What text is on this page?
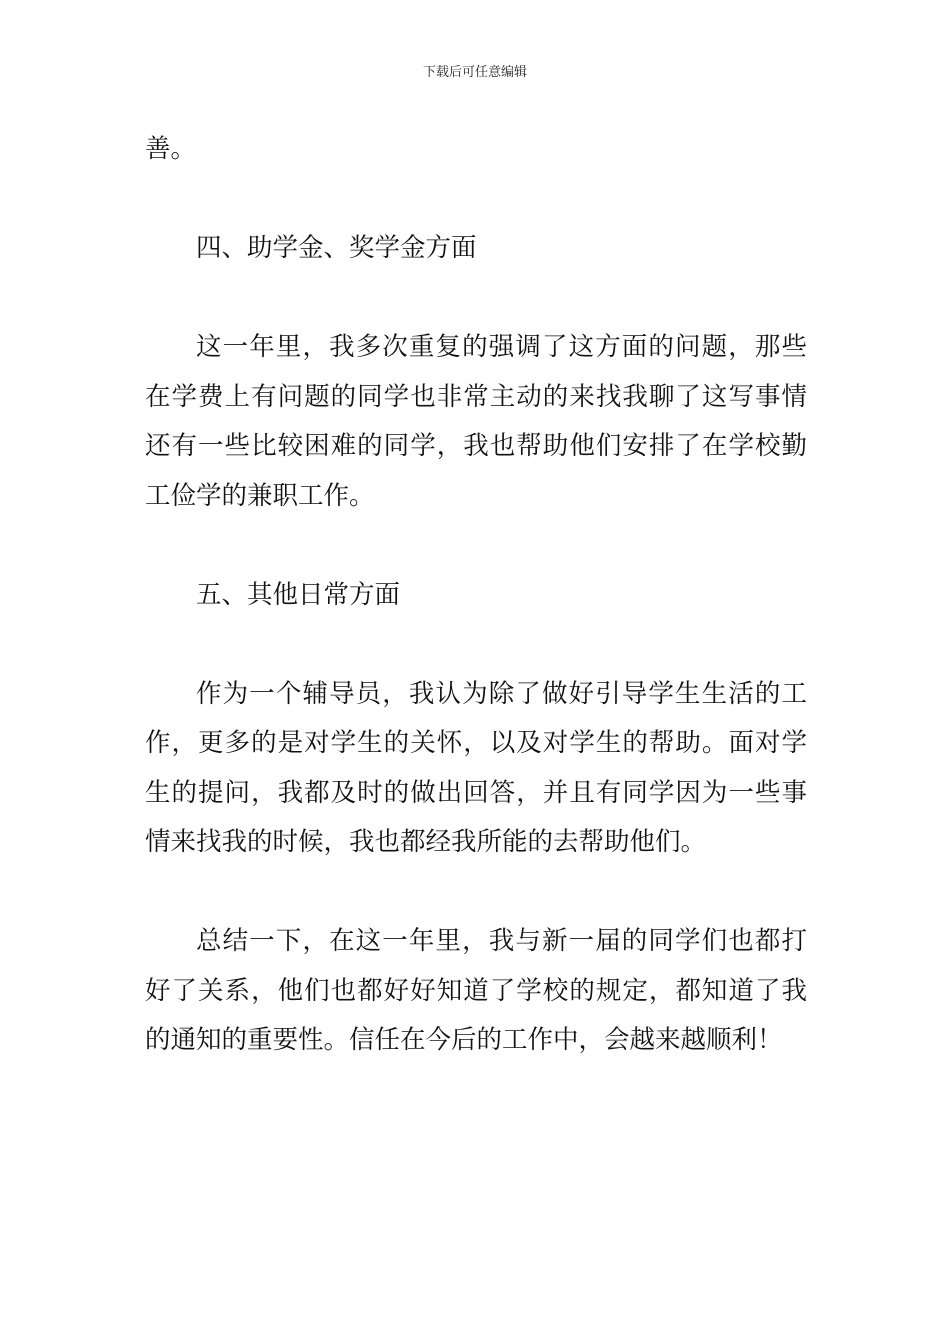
下载后可任意编辑

善。

四、助学金、奖学金方面

这一年里，我多次重复的强调了这方面的问题，那些在学费上有问题的同学也非常主动的来找我聊了这写事情还有一些比较困难的同学，我也帮助他们安排了在学校勤工俭学的兼职工作。

五、其他日常方面

作为一个辅导员，我认为除了做好引导学生生活的工作，更多的是对学生的关怀，以及对学生的帮助。面对学生的提问，我都及时的做出回答，并且有同学因为一些事情来找我的时候，我也都经我所能的去帮助他们。

总结一下，在这一年里，我与新一届的同学们也都打好了关系，他们也都好好知道了学校的规定，都知道了我的通知的重要性。信任在今后的工作中，会越来越顺利！
